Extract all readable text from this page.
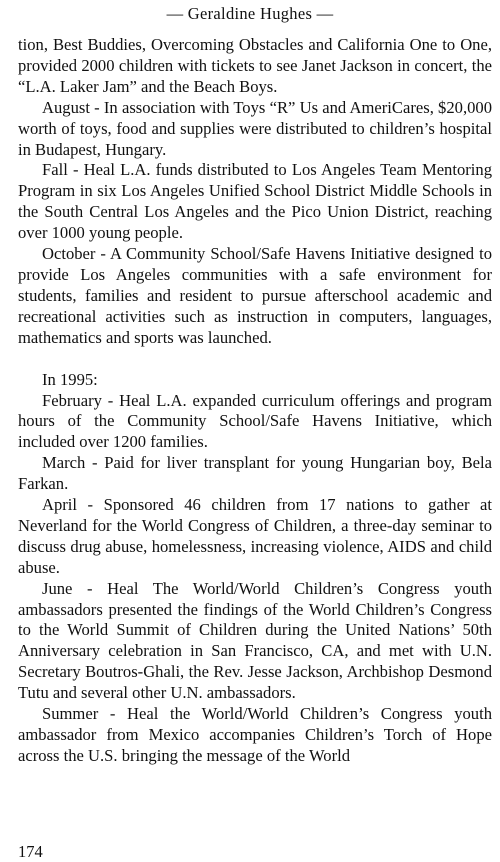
— Geraldine Hughes —

tion, Best Buddies, Overcoming Obstacles and California One to One, provided 2000 children with tickets to see Janet Jackson in concert, the “L.A. Laker Jam” and the Beach Boys.

August - In association with Toys “R” Us and AmeriCares, $20,000 worth of toys, food and supplies were distributed to children’s hospital in Budapest, Hungary.

Fall - Heal L.A. funds distributed to Los Angeles Team Mentoring Program in six Los Angeles Unified School District Middle Schools in the South Central Los Angeles and the Pico Union District, reaching over 1000 young people.

October - A Community School/Safe Havens Initiative designed to provide Los Angeles communities with a safe environment for students, families and resident to pursue afterschool academic and recreational activities such as instruction in computers, languages, mathematics and sports was launched.

In 1995:

February - Heal L.A. expanded curriculum offerings and program hours of the Community School/Safe Havens Initiative, which included over 1200 families.

March - Paid for liver transplant for young Hungarian boy, Bela Farkan.

April - Sponsored 46 children from 17 nations to gather at Neverland for the World Congress of Children, a three-day seminar to discuss drug abuse, homelessness, increasing violence, AIDS and child abuse.

June - Heal The World/World Children’s Congress youth ambassadors presented the findings of the World Children’s Congress to the World Summit of Children during the United Nations’ 50th Anniversary celebration in San Francisco, CA, and met with U.N. Secretary Boutros-Ghali, the Rev. Jesse Jackson, Archbishop Desmond Tutu and several other U.N. ambassadors.

Summer - Heal the World/World Children’s Congress youth ambassador from Mexico accompanies Children’s Torch of Hope across the U.S. bringing the message of the World

174
